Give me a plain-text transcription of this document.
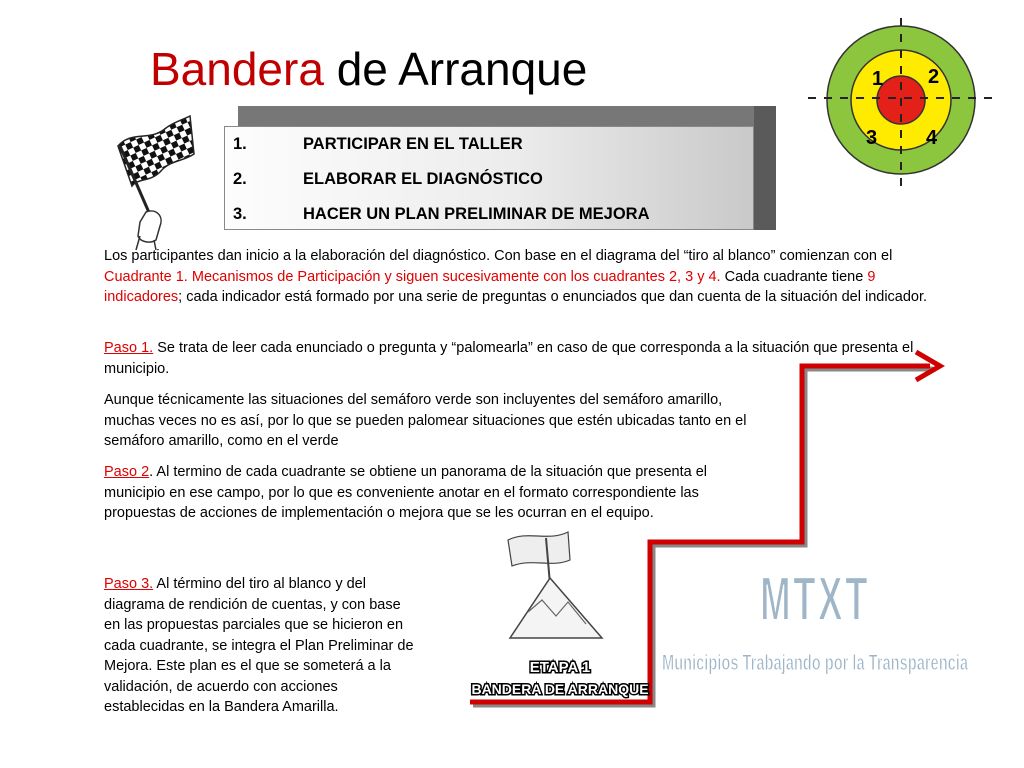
Bandera de Arranque
1.	PARTICIPAR EN EL TALLER
2.	ELABORAR EL DIAGNÓSTICO
3.	HACER UN PLAN PRELIMINAR DE MEJORA
1 2
3 4
Los participantes dan inicio a la elaboración del diagnóstico. Con base en el diagrama del “tiro al blanco” comienzan con el Cuadrante 1. Mecanismos de Participación y siguen sucesivamente con los cuadrantes 2, 3 y 4. Cada cuadrante tiene 9 indicadores; cada indicador está formado por una serie de preguntas o enunciados que dan cuenta de la situación del indicador.
Paso 1. Se trata de leer cada enunciado o pregunta y “palomearla” en caso de que corresponda a la situación que presenta el municipio.
Aunque técnicamente las situaciones del semáforo verde son incluyentes del semáforo amarillo, muchas veces no es así, por lo que se pueden palomear situaciones que estén ubicadas tanto en el semáforo amarillo, como en el verde
Paso 2. Al termino de cada cuadrante se obtiene un panorama de la situación que presenta el municipio en ese campo, por lo que es conveniente anotar en el formato correspondiente las propuestas de acciones de implementación o mejora que se les ocurran en el equipo.
Paso 3. Al término del tiro al blanco y del diagrama de rendición de cuentas, y con base en las propuestas parciales que se hicieron en cada cuadrante, se integra el Plan Preliminar de Mejora. Este plan es el que se someterá a la validación, de acuerdo con acciones establecidas en la Bandera Amarilla.
ETAPA 1
BANDERA DE ARRANQUE
MTXT
Municipios Trabajando por la Transparencia
